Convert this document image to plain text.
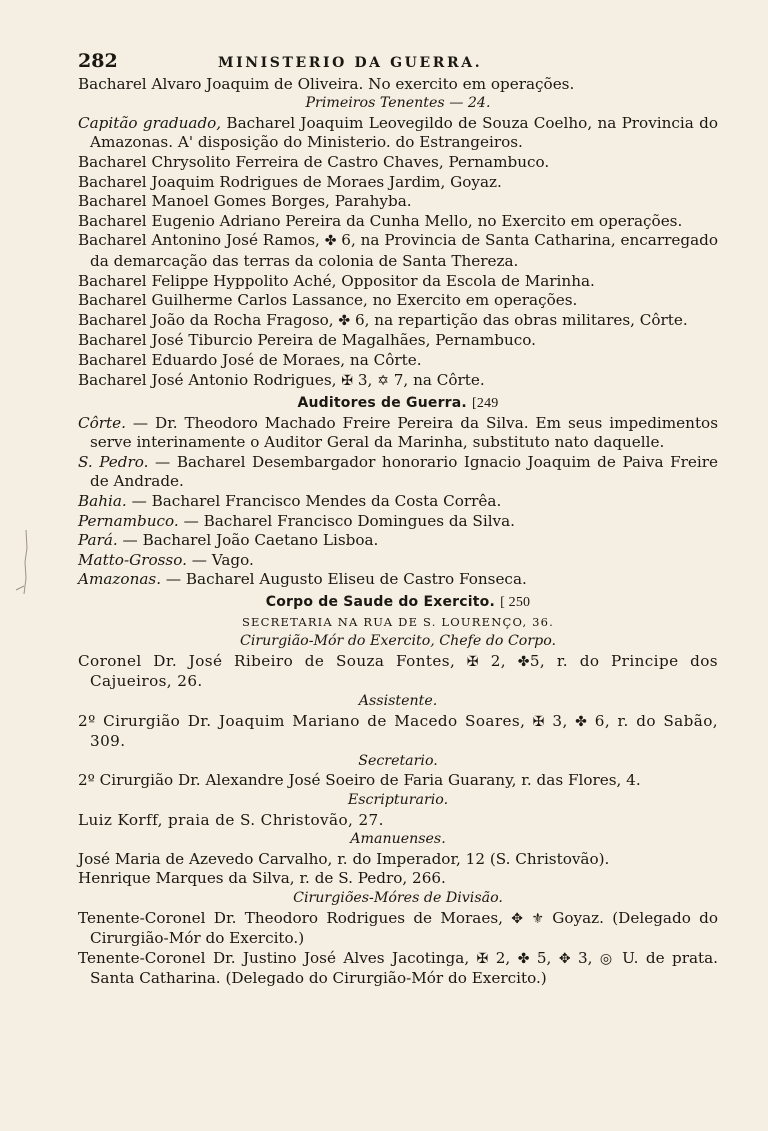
282	MINISTERIO DA GUERRA.
Bacharel Alvaro Joaquim de Oliveira. No exercito em operações.
Primeiros Tenentes — 24.
Capitão graduado, Bacharel Joaquim Leovegildo de Souza Coelho, na Provincia do Amazonas. A' disposição do Ministerio. do Estrangeiros.
Bacharel Chrysolito Ferreira de Castro Chaves, Pernambuco.
Bacharel Joaquim Rodrigues de Moraes Jardim, Goyaz.
Bacharel Manoel Gomes Borges, Parahyba.
Bacharel Eugenio Adriano Pereira da Cunha Mello, no Exercito em operações.
Bacharel Antonino José Ramos, ✤ 6, na Provincia de Santa Catharina, encarregado da demarcação das terras da colonia de Santa Thereza.
Bacharel Felippe Hyppolito Aché, Oppositor da Escola de Marinha.
Bacharel Guilherme Carlos Lassance, no Exercito em operações.
Bacharel João da Rocha Fragoso, ✤ 6, na repartição das obras militares, Côrte.
Bacharel José Tiburcio Pereira de Magalhães, Pernambuco.
Bacharel Eduardo José de Moraes, na Côrte.
Bacharel José Antonio Rodrigues, ✠ 3, ✡ 7, na Côrte.
Auditores de Guerra. [249
Côrte. — Dr. Theodoro Machado Freire Pereira da Silva. Em seus impedimentos serve interinamente o Auditor Geral da Marinha, substituto nato daquelle.
S. Pedro. — Bacharel Desembargador honorario Ignacio Joaquim de Paiva Freire de Andrade.
Bahia. — Bacharel Francisco Mendes da Costa Corrêa.
Pernambuco. — Bacharel Francisco Domingues da Silva.
Pará. — Bacharel João Caetano Lisboa.
Matto-Grosso. — Vago.
Amazonas. — Bacharel Augusto Eliseu de Castro Fonseca.
Corpo de Saude do Exercito. [ 250
SECRETARIA NA RUA DE S. LOURENÇO, 36.
Cirurgião-Mór do Exercito, Chefe do Corpo.
Coronel Dr. José Ribeiro de Souza Fontes, ✠ 2, ✤5, r. do Principe dos Cajueiros, 26.
Assistente.
2º Cirurgião Dr. Joaquim Mariano de Macedo Soares, ✠ 3, ✤ 6, r. do Sabão, 309.
Secretario.
2º Cirurgião Dr. Alexandre José Soeiro de Faria Guarany, r. das Flores, 4.
Escripturario.
Luiz Korff, praia de S. Christovão, 27.
Amanuenses.
José Maria de Azevedo Carvalho, r. do Imperador, 12 (S. Christovão).
Henrique Marques da Silva, r. de S. Pedro, 266.
Cirurgiões-Móres de Divisão.
Tenente-Coronel Dr. Theodoro Rodrigues de Moraes, ✥ ⚜ Goyaz. (Delegado do Cirurgião-Mór do Exercito.)
Tenente-Coronel Dr. Justino José Alves Jacotinga, ✠ 2, ✤ 5, ✥ 3, ◎ U. de prata. Santa Catharina. (Delegado do Cirurgião-Mór do Exercito.)
